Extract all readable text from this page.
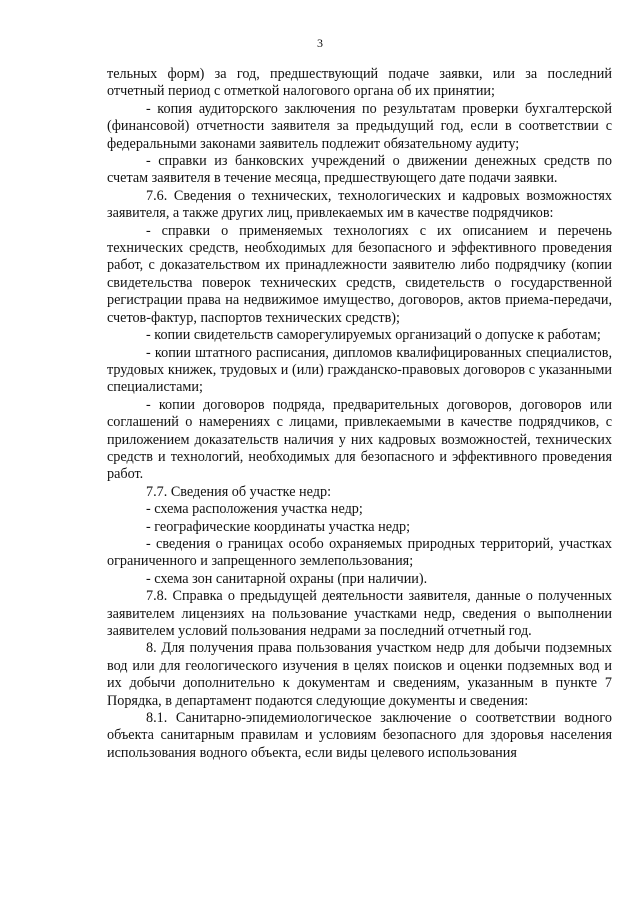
3

тельных форм) за год, предшествующий подаче заявки, или за последний отчетный период с отметкой налогового органа об их принятии;

- копия аудиторского заключения по результатам проверки бухгалтерской (финансовой) отчетности заявителя за предыдущий год, если в соответствии с федеральными законами заявитель подлежит обязательному аудиту;

- справки из банковских учреждений о движении денежных средств по счетам заявителя в течение месяца, предшествующего дате подачи заявки.

7.6. Сведения о технических, технологических и кадровых возможностях заявителя, а также других лиц, привлекаемых им в качестве подрядчиков:

- справки о применяемых технологиях с их описанием и перечень технических средств, необходимых для безопасного и эффективного проведения работ, с доказательством их принадлежности заявителю либо подрядчику (копии свидетельства поверок технических средств, свидетельств о государственной регистрации права на недвижимое имущество, договоров, актов приема-передачи, счетов-фактур, паспортов технических средств);

- копии свидетельств саморегулируемых организаций о допуске к работам;

- копии штатного расписания, дипломов квалифицированных специалистов, трудовых книжек, трудовых и (или) гражданско-правовых договоров с указанными специалистами;

- копии договоров подряда, предварительных договоров, договоров или соглашений о намерениях с лицами, привлекаемыми в качестве подрядчиков, с приложением доказательств наличия у них кадровых возможностей, технических средств и технологий, необходимых для безопасного и эффективного проведения работ.

7.7. Сведения об участке недр:

- схема расположения участка недр;

- географические координаты участка недр;

- сведения о границах особо охраняемых природных территорий, участках ограниченного и запрещенного землепользования;

- схема зон санитарной охраны (при наличии).

7.8. Справка о предыдущей деятельности заявителя, данные о полученных заявителем лицензиях на пользование участками недр, сведения о выполнении заявителем условий пользования недрами за последний отчетный год.

8. Для получения права пользования участком недр для добычи подземных вод или для геологического изучения в целях поисков и оценки подземных вод и их добычи дополнительно к документам и сведениям, указанным в пункте 7 Порядка, в департамент подаются следующие документы и сведения:

8.1. Санитарно-эпидемиологическое заключение о соответствии водного объекта санитарным правилам и условиям безопасного для здоровья населения использования водного объекта, если виды целевого использования
